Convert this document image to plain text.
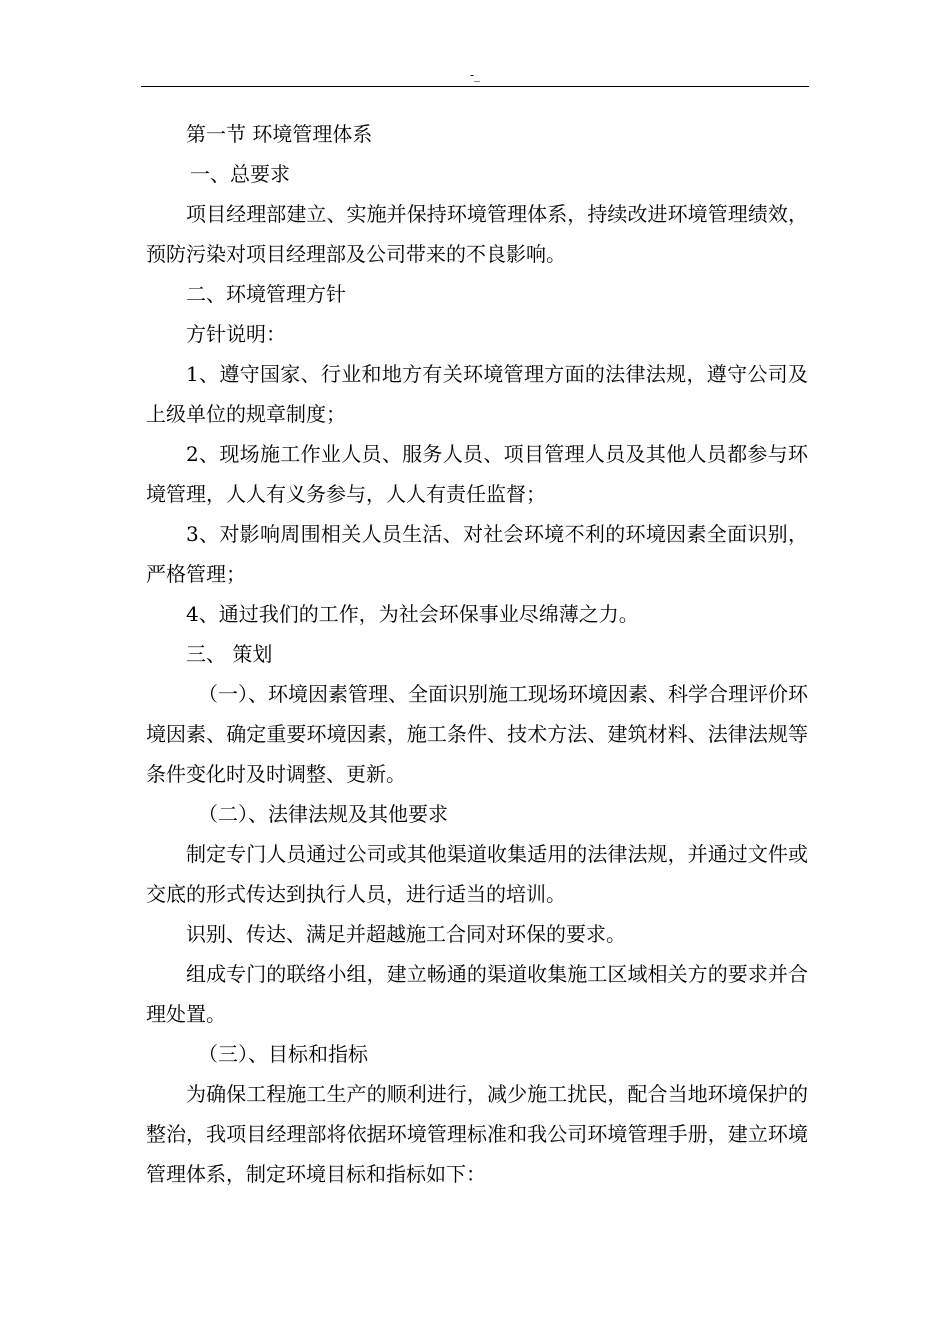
-_

第一节 环境管理体系

一、总要求

项目经理部建立、实施并保持环境管理体系，持续改进环境管理绩效，预防污染对项目经理部及公司带来的不良影响。

二、环境管理方针

方针说明：

1、遵守国家、行业和地方有关环境管理方面的法律法规，遵守公司及上级单位的规章制度；

2、现场施工作业人员、服务人员、项目管理人员及其他人员都参与环境管理，人人有义务参与，人人有责任监督；

3、对影响周围相关人员生活、对社会环境不利的环境因素全面识别，严格管理；

4、通过我们的工作，为社会环保事业尽绵薄之力。

三、 策划

（一）、环境因素管理、全面识别施工现场环境因素、科学合理评价环境因素、确定重要环境因素，施工条件、技术方法、建筑材料、法律法规等条件变化时及时调整、更新。

（二）、法律法规及其他要求

制定专门人员通过公司或其他渠道收集适用的法律法规，并通过文件或交底的形式传达到执行人员，进行适当的培训。

识别、传达、满足并超越施工合同对环保的要求。

组成专门的联络小组，建立畅通的渠道收集施工区域相关方的要求并合理处置。

（三）、目标和指标

为确保工程施工生产的顺利进行，减少施工扰民，配合当地环境保护的整治，我项目经理部将依据环境管理标准和我公司环境管理手册，建立环境管理体系，制定环境目标和指标如下：
